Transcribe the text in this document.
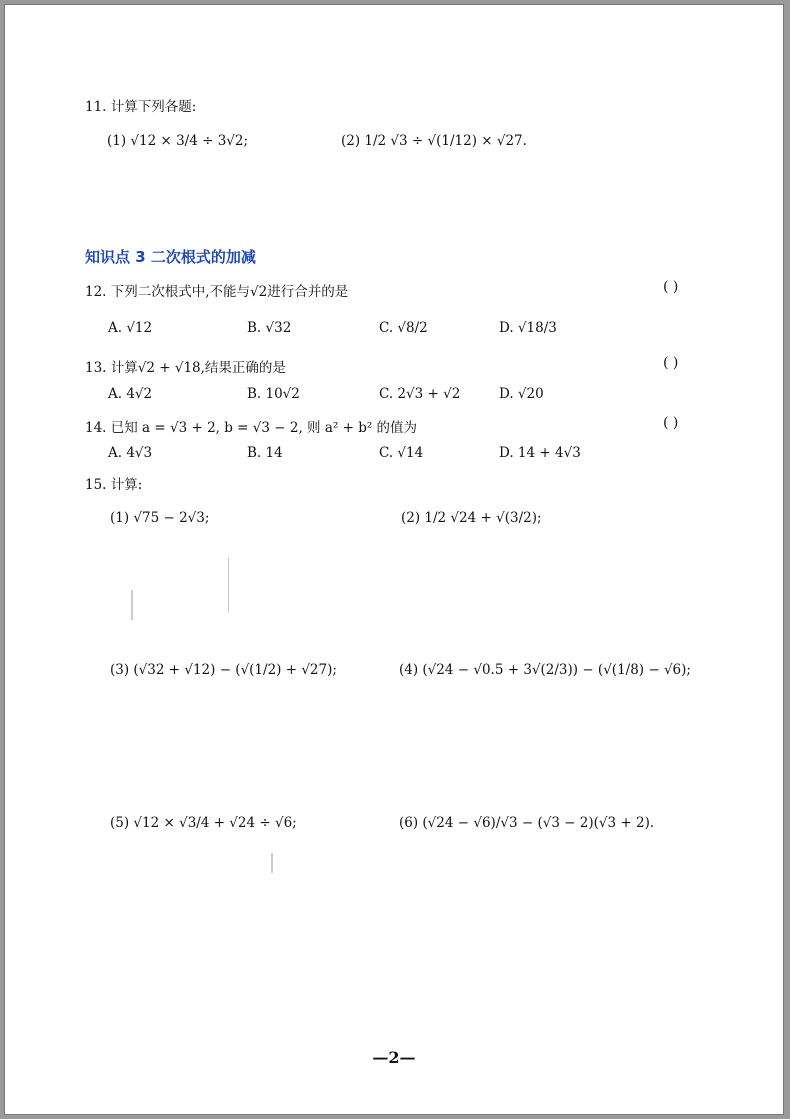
11. 计算下列各题:
(1) √12 × 3/4 ÷ 3√2;	(2) 1/2 √3 ÷ √(1/12) × √27.
知识点 3 二次根式的加减
12. 下列二次根式中,不能与√2进行合并的是	( )
A. √12	B. √32	C. √8/2	D. √18/3
13. 计算√2 + √18,结果正确的是	( )
A. 4√2	B. 10√2	C. 2√3 + √2	D. √20
14. 已知 a = √3 + 2, b = √3 − 2, 则 a² + b² 的值为	( )
A. 4√3	B. 14	C. √14	D. 14 + 4√3
15. 计算:
(1) √75 − 2√3;	(2) 1/2 √24 + √(3/2);
(3) (√32 + √12) − (√(1/2) + √27);	(4) (√24 − √0.5 + 3√(2/3)) − (√(1/8) − √6);
(5) √12 × √3/4 + √24 ÷ √6;	(6) (√24 − √6)/√3 − (√3 − 2)(√3 + 2).
—2—
